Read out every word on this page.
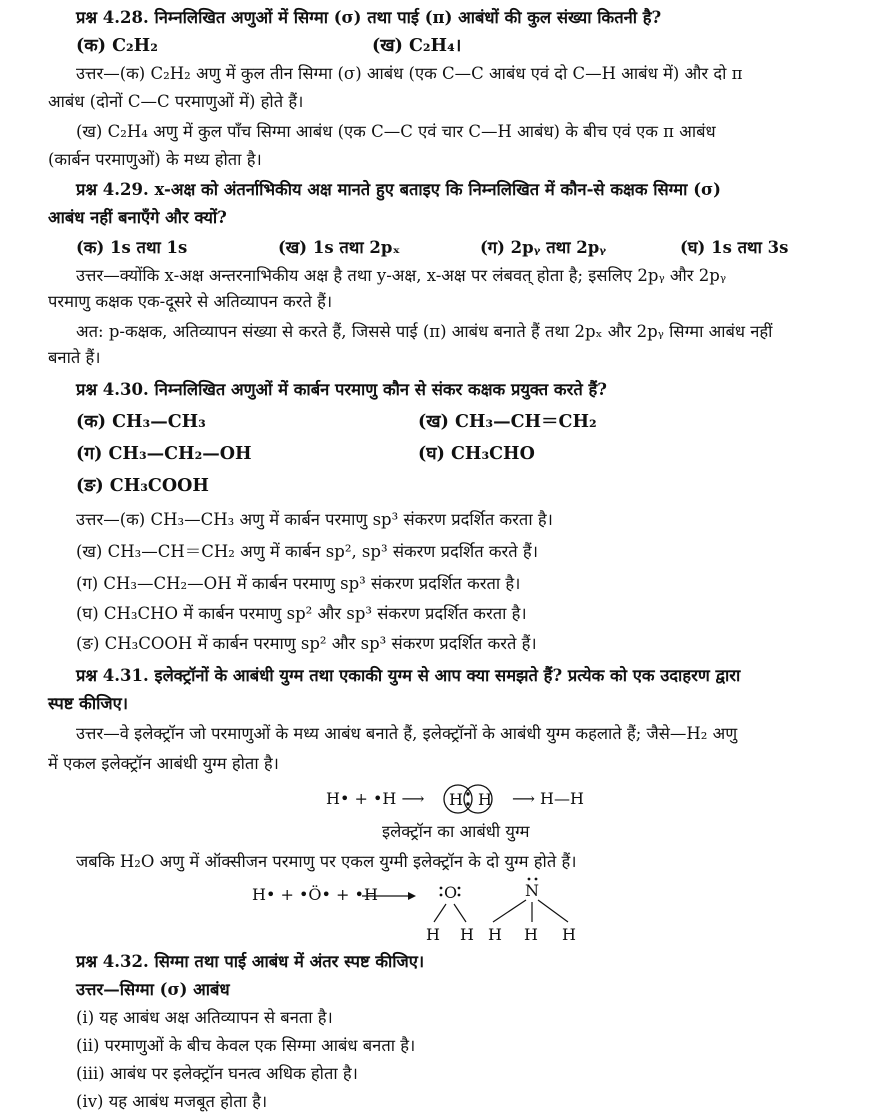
प्रश्न 4.28. निम्नलिखित अणुओं में सिग्मा (σ) तथा पाई (π) आबंधों की कुल संख्या कितनी है?
(क) C₂H₂	(ख) C₂H₄।
उत्तर—(क) C₂H₂ अणु में कुल तीन सिग्मा (σ) आबंध (एक C—C आबंध एवं दो C—H आबंध में) और दो π
आबंध (दोनों C—C परमाणुओं में) होते हैं।
(ख) C₂H₄ अणु में कुल पाँच सिग्मा आबंध (एक C—C एवं चार C—H आबंध) के बीच एवं एक π आबंध
(कार्बन परमाणुओं) के मध्य होता है।
प्रश्न 4.29. x-अक्ष को अंतर्नाभिकीय अक्ष मानते हुए बताइए कि निम्नलिखित में कौन-से कक्षक सिग्मा (σ)
आबंध नहीं बनाएँगे और क्यों?
(क) 1s तथा 1s	(ख) 1s तथा 2pₓ	(ग) 2pᵧ तथा 2pᵧ	(घ) 1s तथा 3s
उत्तर—क्योंकि x-अक्ष अन्तरनाभिकीय अक्ष है तथा y-अक्ष, x-अक्ष पर लंबवत् होता है; इसलिए 2pᵧ और 2pᵧ
परमाणु कक्षक एक-दूसरे से अतिव्यापन करते हैं।
अत: p-कक्षक, अतिव्यापन संख्या से करते हैं, जिससे पाई (π) आबंध बनाते हैं तथा 2pₓ और 2pᵧ सिग्मा आबंध नहीं
बनाते हैं।
प्रश्न 4.30. निम्नलिखित अणुओं में कार्बन परमाणु कौन से संकर कक्षक प्रयुक्त करते हैं?
(क) CH₃—CH₃	(ख) CH₃—CH＝CH₂
(ग) CH₃—CH₂—OH	(घ) CH₃CHO
(ङ) CH₃COOH
उत्तर—(क) CH₃—CH₃ अणु में कार्बन परमाणु sp³ संकरण प्रदर्शित करता है।
(ख) CH₃—CH＝CH₂ अणु में कार्बन sp², sp³ संकरण प्रदर्शित करते हैं।
(ग) CH₃—CH₂—OH में कार्बन परमाणु sp³ संकरण प्रदर्शित करता है।
(घ) CH₃CHO में कार्बन परमाणु sp² और sp³ संकरण प्रदर्शित करता है।
(ङ) CH₃COOH में कार्बन परमाणु sp² और sp³ संकरण प्रदर्शित करते हैं।
प्रश्न 4.31. इलेक्ट्रॉनों के आबंधी युग्म तथा एकाकी युग्म से आप क्या समझते हैं? प्रत्येक को एक उदाहरण द्वारा
स्पष्ट कीजिए।
उत्तर—वे इलेक्ट्रॉन जो परमाणुओं के मध्य आबंध बनाते हैं, इलेक्ट्रॉनों के आबंधी युग्म कहलाते हैं; जैसे—H₂ अणु
में एकल इलेक्ट्रॉन आबंधी युग्म होता है।
H• + •H ⟶ H H ⟶ H—H
इलेक्ट्रॉन का आबंधी युग्म
जबकि H₂O अणु में ऑक्सीजन परमाणु पर एकल युग्मी इलेक्ट्रॉन के दो युग्म होते हैं।
H• + •Ö• + •H	O
H H
N
H H H
प्रश्न 4.32. सिग्मा तथा पाई आबंध में अंतर स्पष्ट कीजिए।
उत्तर—सिग्मा (σ) आबंध
(i) यह आबंध अक्ष अतिव्यापन से बनता है।
(ii) परमाणुओं के बीच केवल एक सिग्मा आबंध बनता है।
(iii) आबंध पर इलेक्ट्रॉन घनत्व अधिक होता है।
(iv) यह आबंध मजबूत होता है।
